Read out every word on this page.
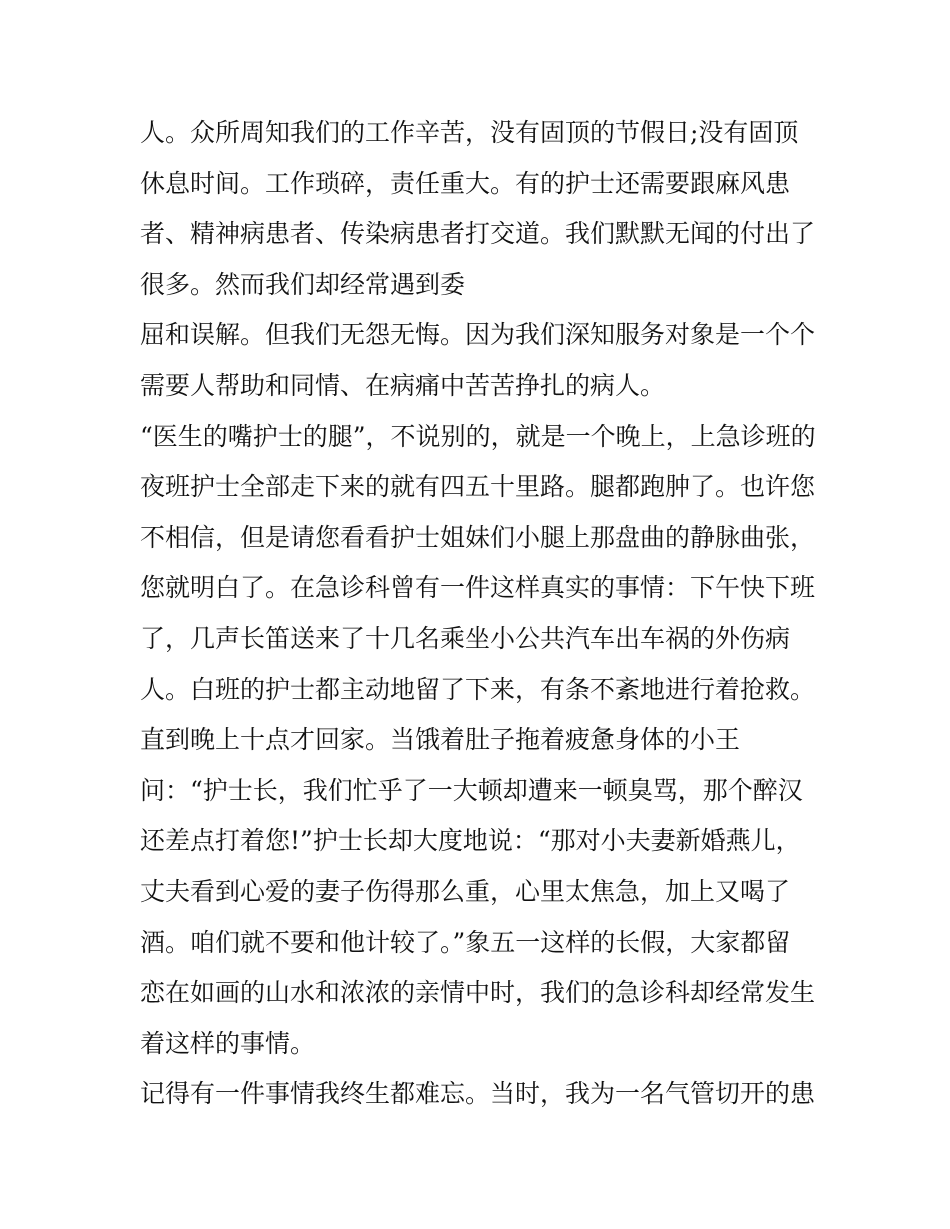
人。众所周知我们的工作辛苦，没有固顶的节假日;没有固顶
休息时间。工作琐碎，责任重大。有的护士还需要跟麻风患
者、精神病患者、传染病患者打交道。我们默默无闻的付出了
很多。然而我们却经常遇到委
屈和误解。但我们无怨无悔。因为我们深知服务对象是一个个
需要人帮助和同情、在病痛中苦苦挣扎的病人。
“医生的嘴护士的腿”，不说别的，就是一个晚上，上急诊班的
夜班护士全部走下来的就有四五十里路。腿都跑肿了。也许您
不相信，但是请您看看护士姐妹们小腿上那盘曲的静脉曲张，
您就明白了。在急诊科曾有一件这样真实的事情：下午快下班
了，几声长笛送来了十几名乘坐小公共汽车出车祸的外伤病
人。白班的护士都主动地留了下来，有条不紊地进行着抢救。
直到晚上十点才回家。当饿着肚子拖着疲惫身体的小王
问：“护士长，我们忙乎了一大顿却遭来一顿臭骂，那个醉汉
还差点打着您!”护士长却大度地说：“那对小夫妻新婚燕儿，
丈夫看到心爱的妻子伤得那么重，心里太焦急，加上又喝了
酒。咱们就不要和他计较了。”象五一这样的长假，大家都留
恋在如画的山水和浓浓的亲情中时，我们的急诊科却经常发生
着这样的事情。
记得有一件事情我终生都难忘。当时，我为一名气管切开的患
